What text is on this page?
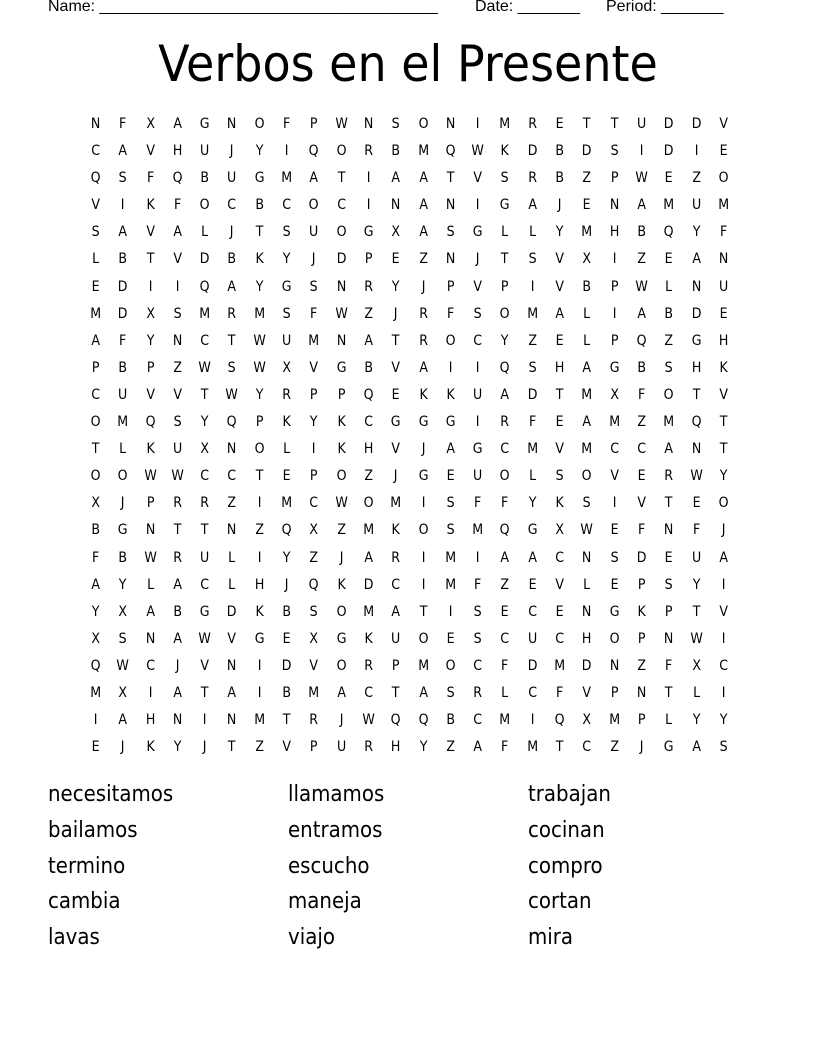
Name: ______________________________________ Date: _______ Period: _______
Verbos en el Presente
N	F	X	A	G	N	O	F	P	W	N	S	O	N	I	M	R	E	T	T	U	D	D	V
C	A	V	H	U	J	Y	I	Q	O	R	B	M	Q	W	K	D	B	D	S	I	D	I	E
Q	S	F	Q	B	U	G	M	A	T	I	A	A	T	V	S	R	B	Z	P	W	E	Z	O
V	I	K	F	O	C	B	C	O	C	I	N	A	N	I	G	A	J	E	N	A	M	U	M
S	A	V	A	L	J	T	S	U	O	G	X	A	S	G	L	L	Y	M	H	B	Q	Y	F
L	B	T	V	D	B	K	Y	J	D	P	E	Z	N	J	T	S	V	X	I	Z	E	A	N
E	D	I	I	Q	A	Y	G	S	N	R	Y	J	P	V	P	I	V	B	P	W	L	N	U
M	D	X	S	M	R	M	S	F	W	Z	J	R	F	S	O	M	A	L	I	A	B	D	E
A	F	Y	N	C	T	W	U	M	N	A	T	R	O	C	Y	Z	E	L	P	Q	Z	G	H
P	B	P	Z	W	S	W	X	V	G	B	V	A	I	I	Q	S	H	A	G	B	S	H	K
C	U	V	V	T	W	Y	R	P	P	Q	E	K	K	U	A	D	T	M	X	F	O	T	V
O	M	Q	S	Y	Q	P	K	Y	K	C	G	G	G	I	R	F	E	A	M	Z	M	Q	T
T	L	K	U	X	N	O	L	I	K	H	V	J	A	G	C	M	V	M	C	C	A	N	T
O	O	W	W	C	C	T	E	P	O	Z	J	G	E	U	O	L	S	O	V	E	R	W	Y
X	J	P	R	R	Z	I	M	C	W	O	M	I	S	F	F	Y	K	S	I	V	T	E	O
B	G	N	T	T	N	Z	Q	X	Z	M	K	O	S	M	Q	G	X	W	E	F	N	F	J
F	B	W	R	U	L	I	Y	Z	J	A	R	I	M	I	A	A	C	N	S	D	E	U	A
A	Y	L	A	C	L	H	J	Q	K	D	C	I	M	F	Z	E	V	L	E	P	S	Y	I
Y	X	A	B	G	D	K	B	S	O	M	A	T	I	S	E	C	E	N	G	K	P	T	V
X	S	N	A	W	V	G	E	X	G	K	U	O	E	S	C	U	C	H	O	P	N	W	I
Q	W	C	J	V	N	I	D	V	O	R	P	M	O	C	F	D	M	D	N	Z	F	X	C
M	X	I	A	T	A	I	B	M	A	C	T	A	S	R	L	C	F	V	P	N	T	L	I
I	A	H	N	I	N	M	T	R	J	W	Q	Q	B	C	M	I	Q	X	M	P	L	Y	Y
E	J	K	Y	J	T	Z	V	P	U	R	H	Y	Z	A	F	M	T	C	Z	J	G	A	S
necesitamos
bailamos
termino
cambia
lavas
llamamos
entramos
escucho
maneja
viajo
trabajan
cocinan
compro
cortan
mira
